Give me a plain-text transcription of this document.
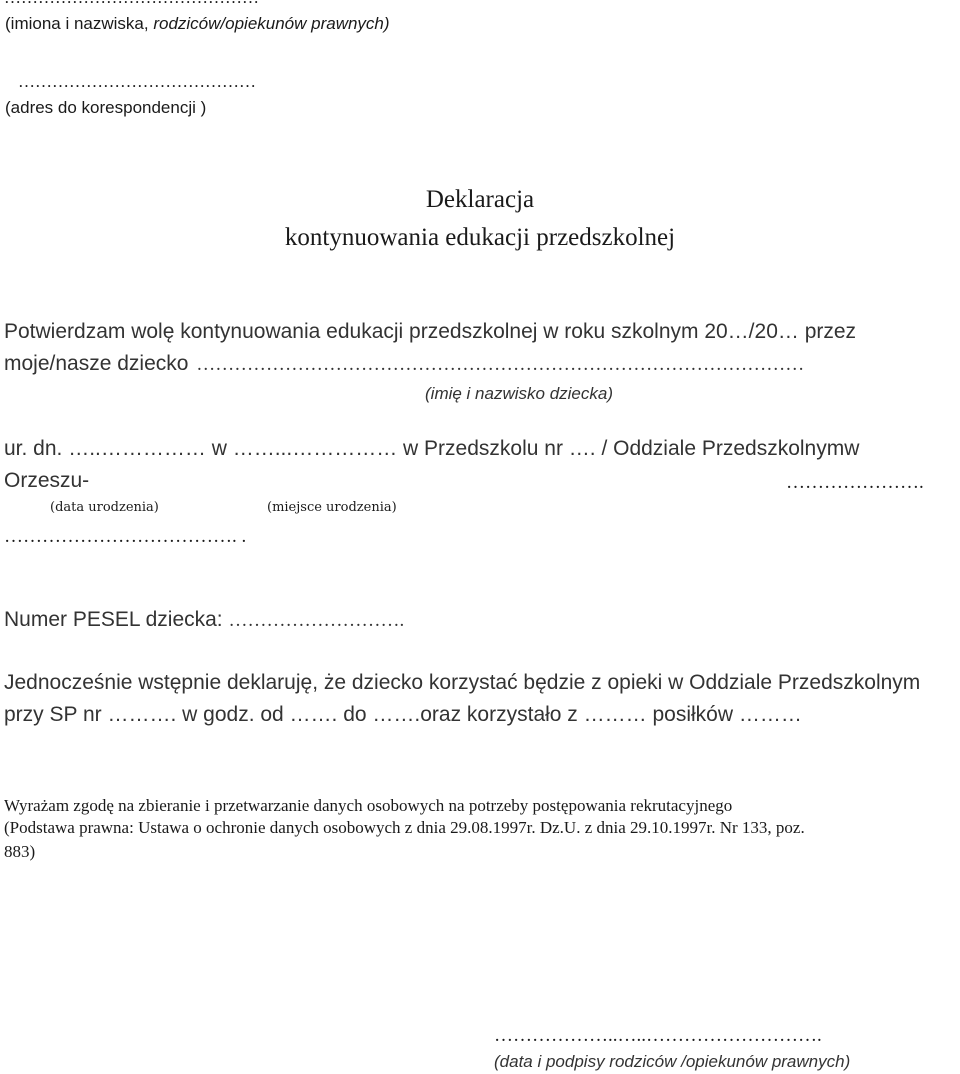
(imiona i nazwiska, rodziców/opiekunów prawnych)
……………………………………
(adres do korespondencji )
Deklaracja
kontynuowania edukacji przedszkolnej
Potwierdzam wolę kontynuowania edukacji przedszkolnej w roku szkolnym 20…/20… przez
moje/nasze dziecko ……………………………………………………………………………………
(imię i nazwisko dziecka)
ur. dn. …..…………… w ……...…………… w Przedszkolu nr …. / Oddziale Przedszkolnymw
Orzeszu-	………………….
(data urodzenia)	(miejsce urodzenia)
………………………………. .
Numer PESEL dziecka: ……………………….
Jednocześnie wstępnie deklaruję, że dziecko korzystać będzie z opieki w Oddziale Przedszkolnym
przy SP nr ………. w godz. od ……. do …….oraz korzystało z ……… posiłków ………
Wyrażam zgodę na zbieranie i przetwarzanie danych osobowych na potrzeby postępowania rekrutacyjnego
(Podstawa prawna: Ustawa o ochronie danych osobowych z dnia 29.08.1997r. Dz.U. z dnia 29.10.1997r. Nr 133, poz.
883)
………………..…..……………………….
(data i podpisy rodziców /opiekunów prawnych)
